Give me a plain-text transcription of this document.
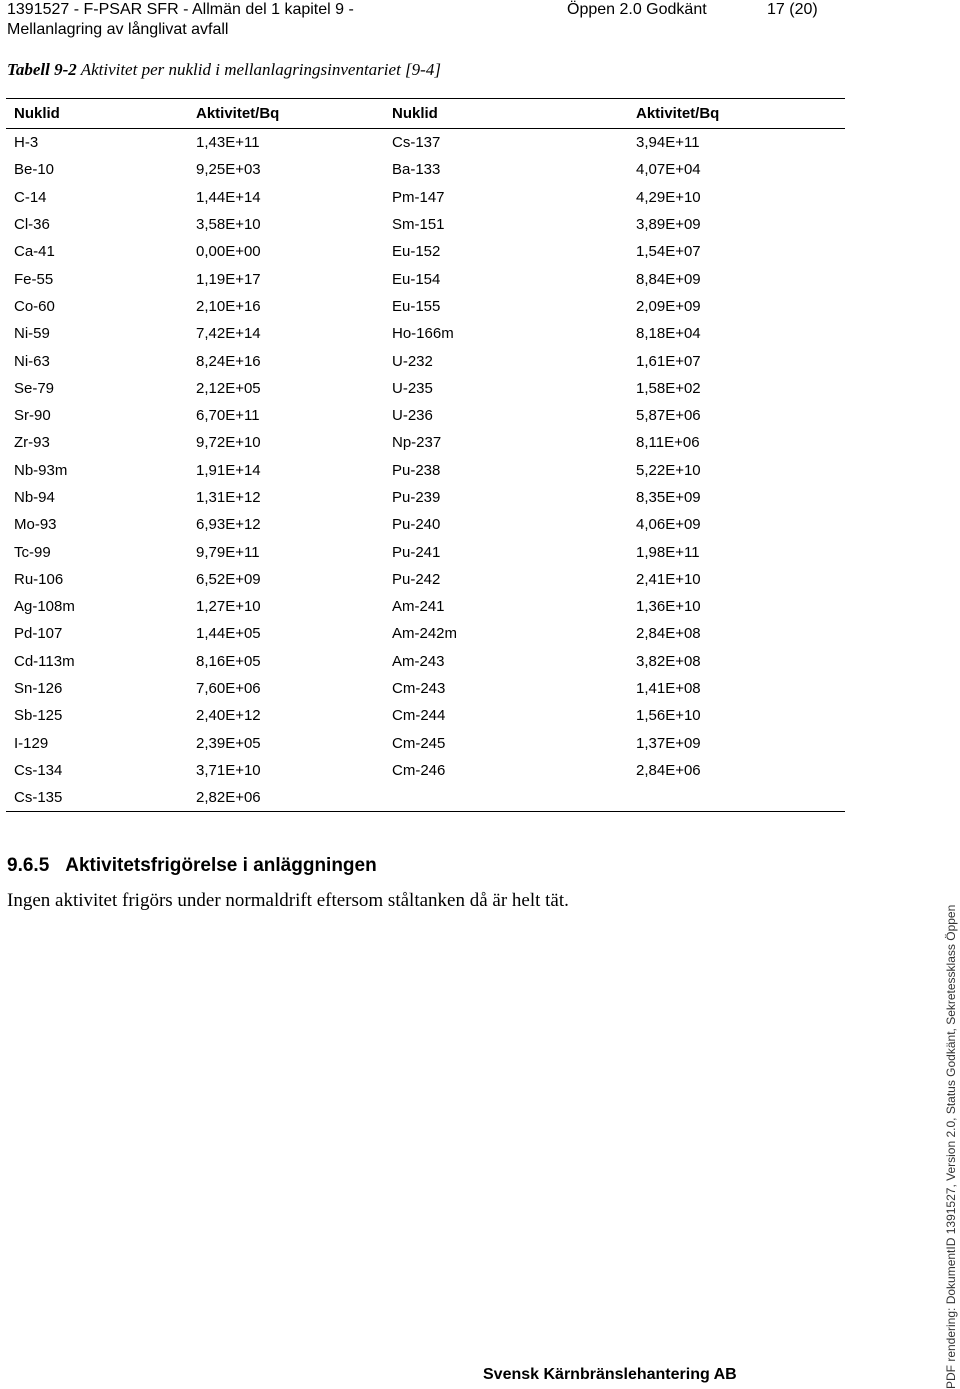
1391527 - F-PSAR SFR - Allmän del 1 kapitel 9 -
Mellanlagring av långlivat avfall
Öppen 2.0 Godkänt	17 (20)
Tabell 9-2 Aktivitet per nuklid i mellanlagringsinventariet [9-4]
Nuklid	Aktivitet/Bq	Nuklid	Aktivitet/Bq
H-3	1,43E+11	Cs-137	3,94E+11
Be-10	9,25E+03	Ba-133	4,07E+04
C-14	1,44E+14	Pm-147	4,29E+10
Cl-36	3,58E+10	Sm-151	3,89E+09
Ca-41	0,00E+00	Eu-152	1,54E+07
Fe-55	1,19E+17	Eu-154	8,84E+09
Co-60	2,10E+16	Eu-155	2,09E+09
Ni-59	7,42E+14	Ho-166m	8,18E+04
Ni-63	8,24E+16	U-232	1,61E+07
Se-79	2,12E+05	U-235	1,58E+02
Sr-90	6,70E+11	U-236	5,87E+06
Zr-93	9,72E+10	Np-237	8,11E+06
Nb-93m	1,91E+14	Pu-238	5,22E+10
Nb-94	1,31E+12	Pu-239	8,35E+09
Mo-93	6,93E+12	Pu-240	4,06E+09
Tc-99	9,79E+11	Pu-241	1,98E+11
Ru-106	6,52E+09	Pu-242	2,41E+10
Ag-108m	1,27E+10	Am-241	1,36E+10
Pd-107	1,44E+05	Am-242m	2,84E+08
Cd-113m	8,16E+05	Am-243	3,82E+08
Sn-126	7,60E+06	Cm-243	1,41E+08
Sb-125	2,40E+12	Cm-244	1,56E+10
I-129	2,39E+05	Cm-245	1,37E+09
Cs-134	3,71E+10	Cm-246	2,84E+06
Cs-135	2,82E+06		
9.6.5 Aktivitetsfrigörelse i anläggningen
Ingen aktivitet frigörs under normaldrift eftersom ståltanken då är helt tät.
Svensk Kärnbränslehantering AB	PDF rendering: DokumentID 1391527, Version 2.0, Status Godkänt, Sekretessklass Öppen
